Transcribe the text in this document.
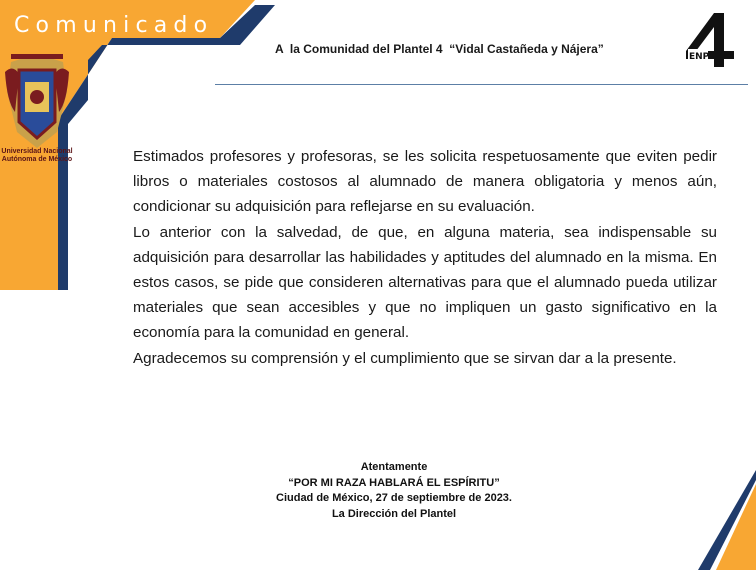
Comunicado
Universidad Nacional
Autónoma de México
A  la Comunidad del Plantel 4  “Vidal Castañeda y Nájera”
ENP

Estimados profesores y profesoras, se les solicita respetuosamente que eviten pedir libros o materiales costosos al alumnado de manera obligatoria y menos aún, condicionar su adquisición para reflejarse en su evaluación.

Lo anterior con la salvedad, de que, en alguna materia, sea indispensable su adquisición para desarrollar las habilidades y aptitudes del alumnado en la misma. En estos casos, se pide que consideren alternativas para que el alumnado pueda utilizar materiales que sean accesibles y que no impliquen un gasto significativo en la economía para la comunidad en general.

Agradecemos su comprensión y el cumplimiento que se sirvan dar a la presente.

Atentamente
“POR MI RAZA HABLARÁ EL ESPÍRITU”
Ciudad de México, 27 de septiembre de 2023.
La Dirección del Plantel
